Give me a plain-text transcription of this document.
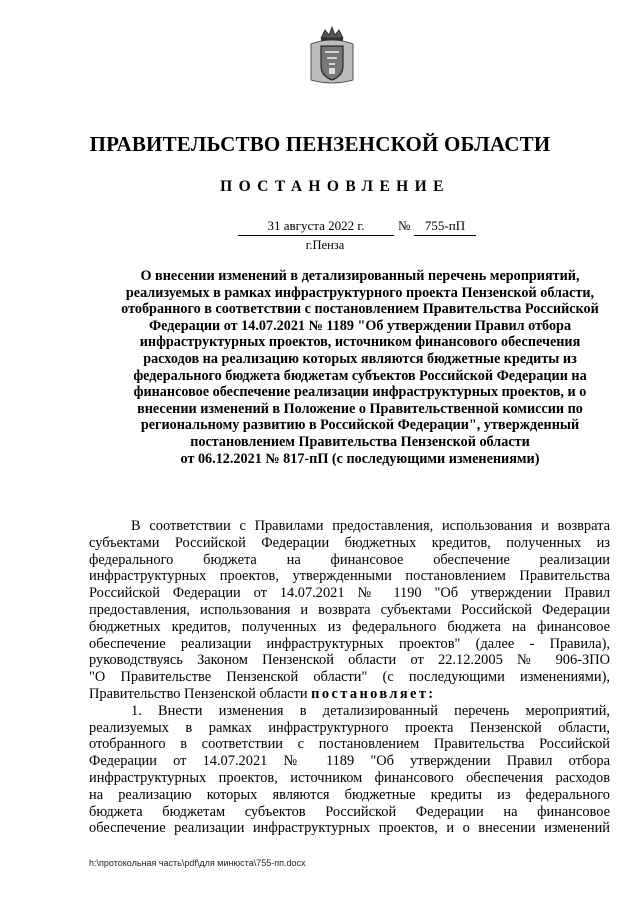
ПРАВИТЕЛЬСТВО ПЕНЗЕНСКОЙ ОБЛАСТИ
ПОСТАНОВЛЕНИЕ
31 августа 2022 г.	№	755-пП
г.Пенза
О внесении изменений в детализированный перечень мероприятий,
реализуемых в рамках инфраструктурного проекта Пензенской области,
отобранного в соответствии с постановлением Правительства Российской
Федерации от 14.07.2021 № 1189 "Об утверждении Правил отбора
инфраструктурных проектов, источником финансового обеспечения
расходов на реализацию которых являются бюджетные кредиты из
федерального бюджета бюджетам субъектов Российской Федерации на
финансовое обеспечение реализации инфраструктурных проектов, и о
внесении изменений в Положение о Правительственной комиссии по
региональному развитию в Российской Федерации", утвержденный
постановлением Правительства Пензенской области
от 06.12.2021 № 817-пП (с последующими изменениями)
В соответствии с Правилами предоставления, использования и возврата
субъектами Российской Федерации бюджетных кредитов, полученных из
федерального бюджета на финансовое обеспечение реализации
инфраструктурных проектов, утвержденными постановлением Правительства
Российской Федерации от 14.07.2021 № 1190 "Об утверждении Правил
предоставления, использования и возврата субъектами Российской Федерации
бюджетных кредитов, полученных из федерального бюджета на финансовое
обеспечение реализации инфраструктурных проектов" (далее - Правила),
руководствуясь Законом Пензенской области от 22.12.2005 № 906-ЗПО
"О Правительстве Пензенской области" (с последующими изменениями),
Правительство Пензенской области постановляет:
1. Внести изменения в детализированный перечень мероприятий,
реализуемых в рамках инфраструктурного проекта Пензенской области,
отобранного в соответствии с постановлением Правительства Российской
Федерации от 14.07.2021 № 1189 "Об утверждении Правил отбора
инфраструктурных проектов, источником финансового обеспечения расходов
на реализацию которых являются бюджетные кредиты из федерального
бюджета бюджетам субъектов Российской Федерации на финансовое
обеспечение реализации инфраструктурных проектов, и о внесении изменений
h:\протокольная часть\pdf\для минюста\755-пп.docx
